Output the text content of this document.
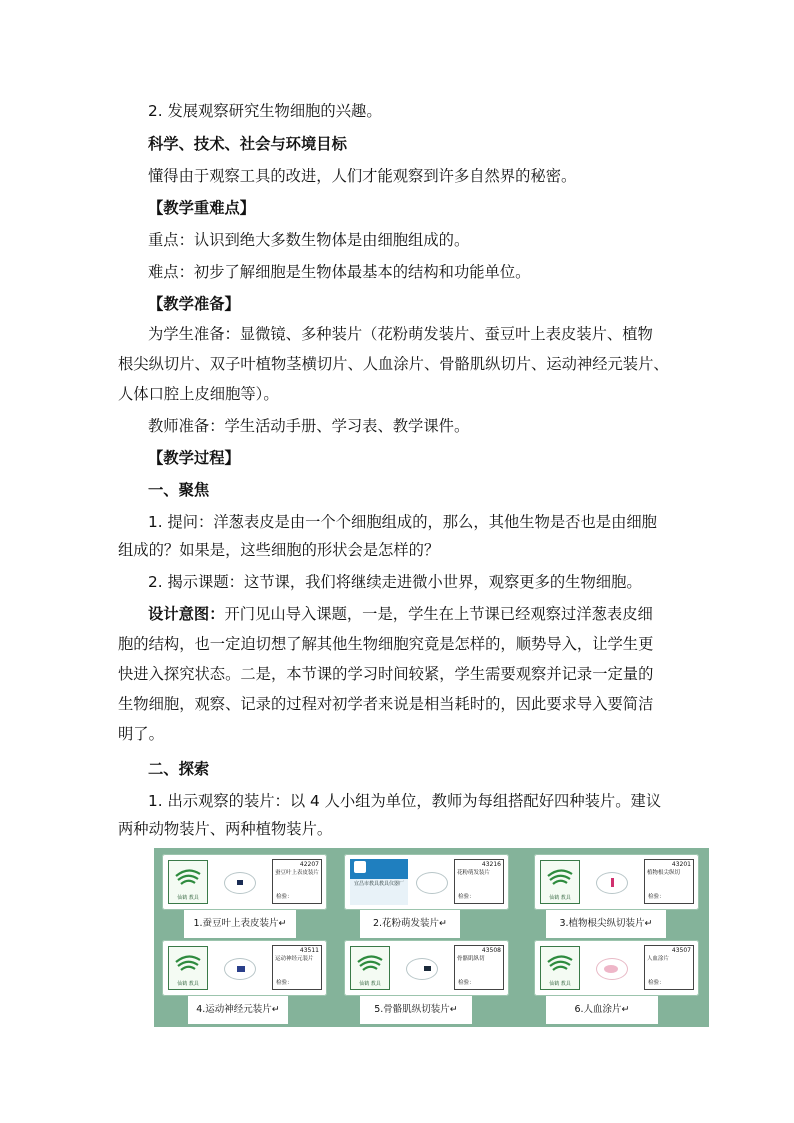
2. 发展观察研究生物细胞的兴趣。
科学、技术、社会与环境目标
懂得由于观察工具的改进，人们才能观察到许多自然界的秘密。
【教学重难点】
重点：认识到绝大多数生物体是由细胞组成的。
难点：初步了解细胞是生物体最基本的结构和功能单位。
【教学准备】
为学生准备：显微镜、多种装片（花粉萌发装片、蚕豆叶上表皮装片、植物
根尖纵切片、双子叶植物茎横切片、人血涂片、骨骼肌纵切片、运动神经元装片、
人体口腔上皮细胞等）。
教师准备：学生活动手册、学习表、教学课件。
【教学过程】
一、聚焦
1. 提问：洋葱表皮是由一个个细胞组成的，那么，其他生物是否也是由细胞
组成的？如果是，这些细胞的形状会是怎样的？
2. 揭示课题：这节课，我们将继续走进微小世界，观察更多的生物细胞。
设计意图：开门见山导入课题，一是，学生在上节课已经观察过洋葱表皮细
胞的结构，也一定迫切想了解其他生物细胞究竟是怎样的，顺势导入，让学生更
快进入探究状态。二是，本节课的学习时间较紧，学生需要观察并记录一定量的
生物细胞，观察、记录的过程对初学者来说是相当耗时的，因此要求导入要简洁
明了。
二、探索
1. 出示观察的装片：以 4 人小组为单位，教师为每组搭配好四种装片。建议
两种动物装片、两种植物装片。
仙鹤 教具
42207
蚕豆叶上表皮装片
检验：
1.蚕豆叶上表皮装片↵
宜昌市教具教具仪器厂
43216
花粉萌发装片
检验：
2.花粉萌发装片↵
仙鹤 教具
43201
植物根尖纵切
检验：
3.植物根尖纵切装片↵
仙鹤 教具
43511
运动神经元装片
检验：
4.运动神经元装片↵
仙鹤 教具
43508
骨骼肌纵切
检验：
5.骨骼肌纵切装片↵
仙鹤 教具
43507
人血涂片
检验：
6.人血涂片↵
